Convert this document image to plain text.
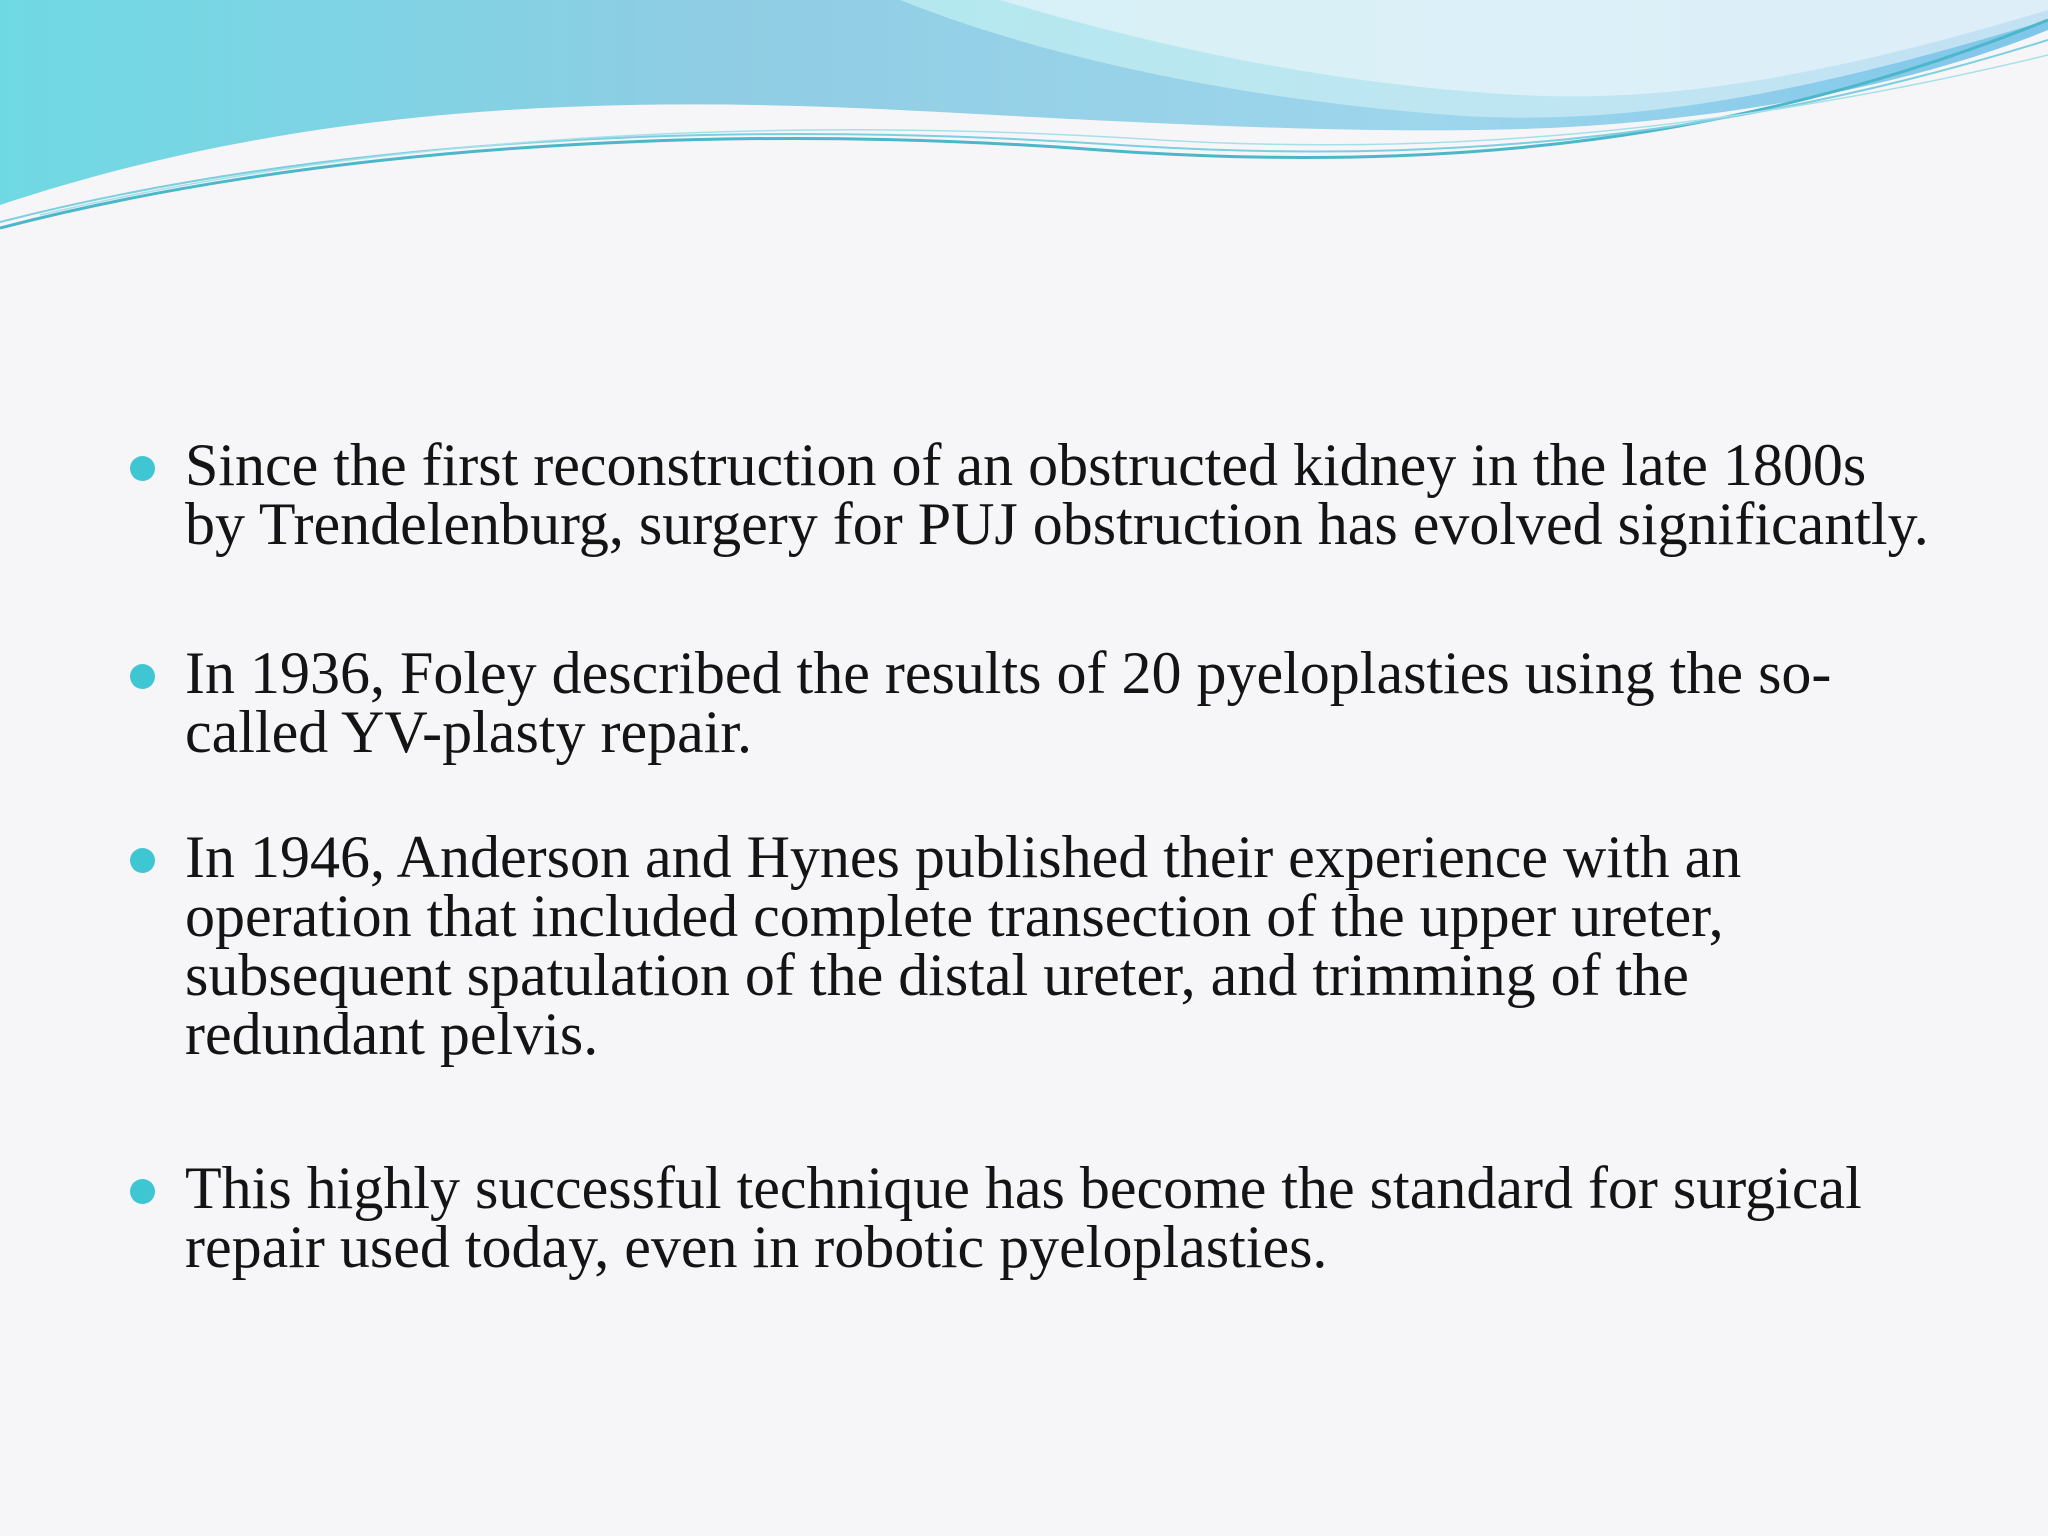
Since the first reconstruction of an obstructed kidney in the late 1800s by Trendelenburg, surgery for PUJ obstruction has evolved significantly.
In 1936, Foley described the results of 20 pyeloplasties using the so-called YV-plasty repair.
In 1946, Anderson and Hynes published their experience with an operation that included complete transection of the upper ureter, subsequent spatulation of the distal ureter, and trimming of the redundant pelvis.
This highly successful technique has become the standard for surgical repair used today, even in robotic pyeloplasties.
